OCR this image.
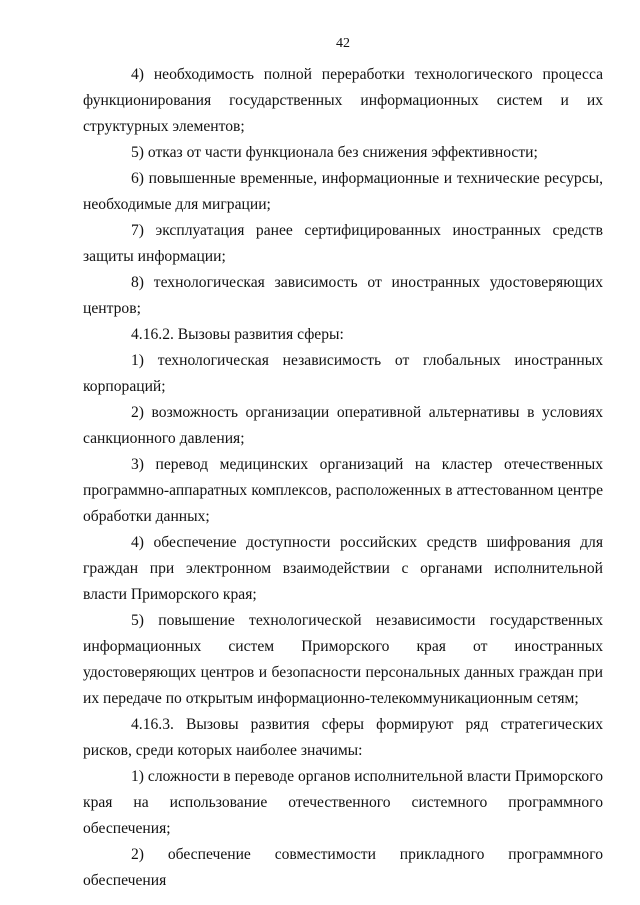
42

4) необходимость полной переработки технологического процесса функционирования государственных информационных систем и их структурных элементов;

5) отказ от части функционала без снижения эффективности;

6) повышенные временные, информационные и технические ресурсы, необходимые для миграции;

7) эксплуатация ранее сертифицированных иностранных средств защиты информации;

8) технологическая зависимость от иностранных удостоверяющих центров;

4.16.2. Вызовы развития сферы:

1) технологическая независимость от глобальных иностранных корпораций;

2) возможность организации оперативной альтернативы в условиях санкционного давления;

3) перевод медицинских организаций на кластер отечественных программно-аппаратных комплексов, расположенных в аттестованном центре обработки данных;

4) обеспечение доступности российских средств шифрования для граждан при электронном взаимодействии с органами исполнительной власти Приморского края;

5) повышение технологической независимости государственных информационных систем Приморского края от иностранных удостоверяющих центров и безопасности персональных данных граждан при их передаче по открытым информационно-телекоммуникационным сетям;

4.16.3. Вызовы развития сферы формируют ряд стратегических рисков, среди которых наиболее значимы:

1) сложности в переводе органов исполнительной власти Приморского края на использование отечественного системного программного обеспечения;

2) обеспечение совместимости прикладного программного обеспечения
